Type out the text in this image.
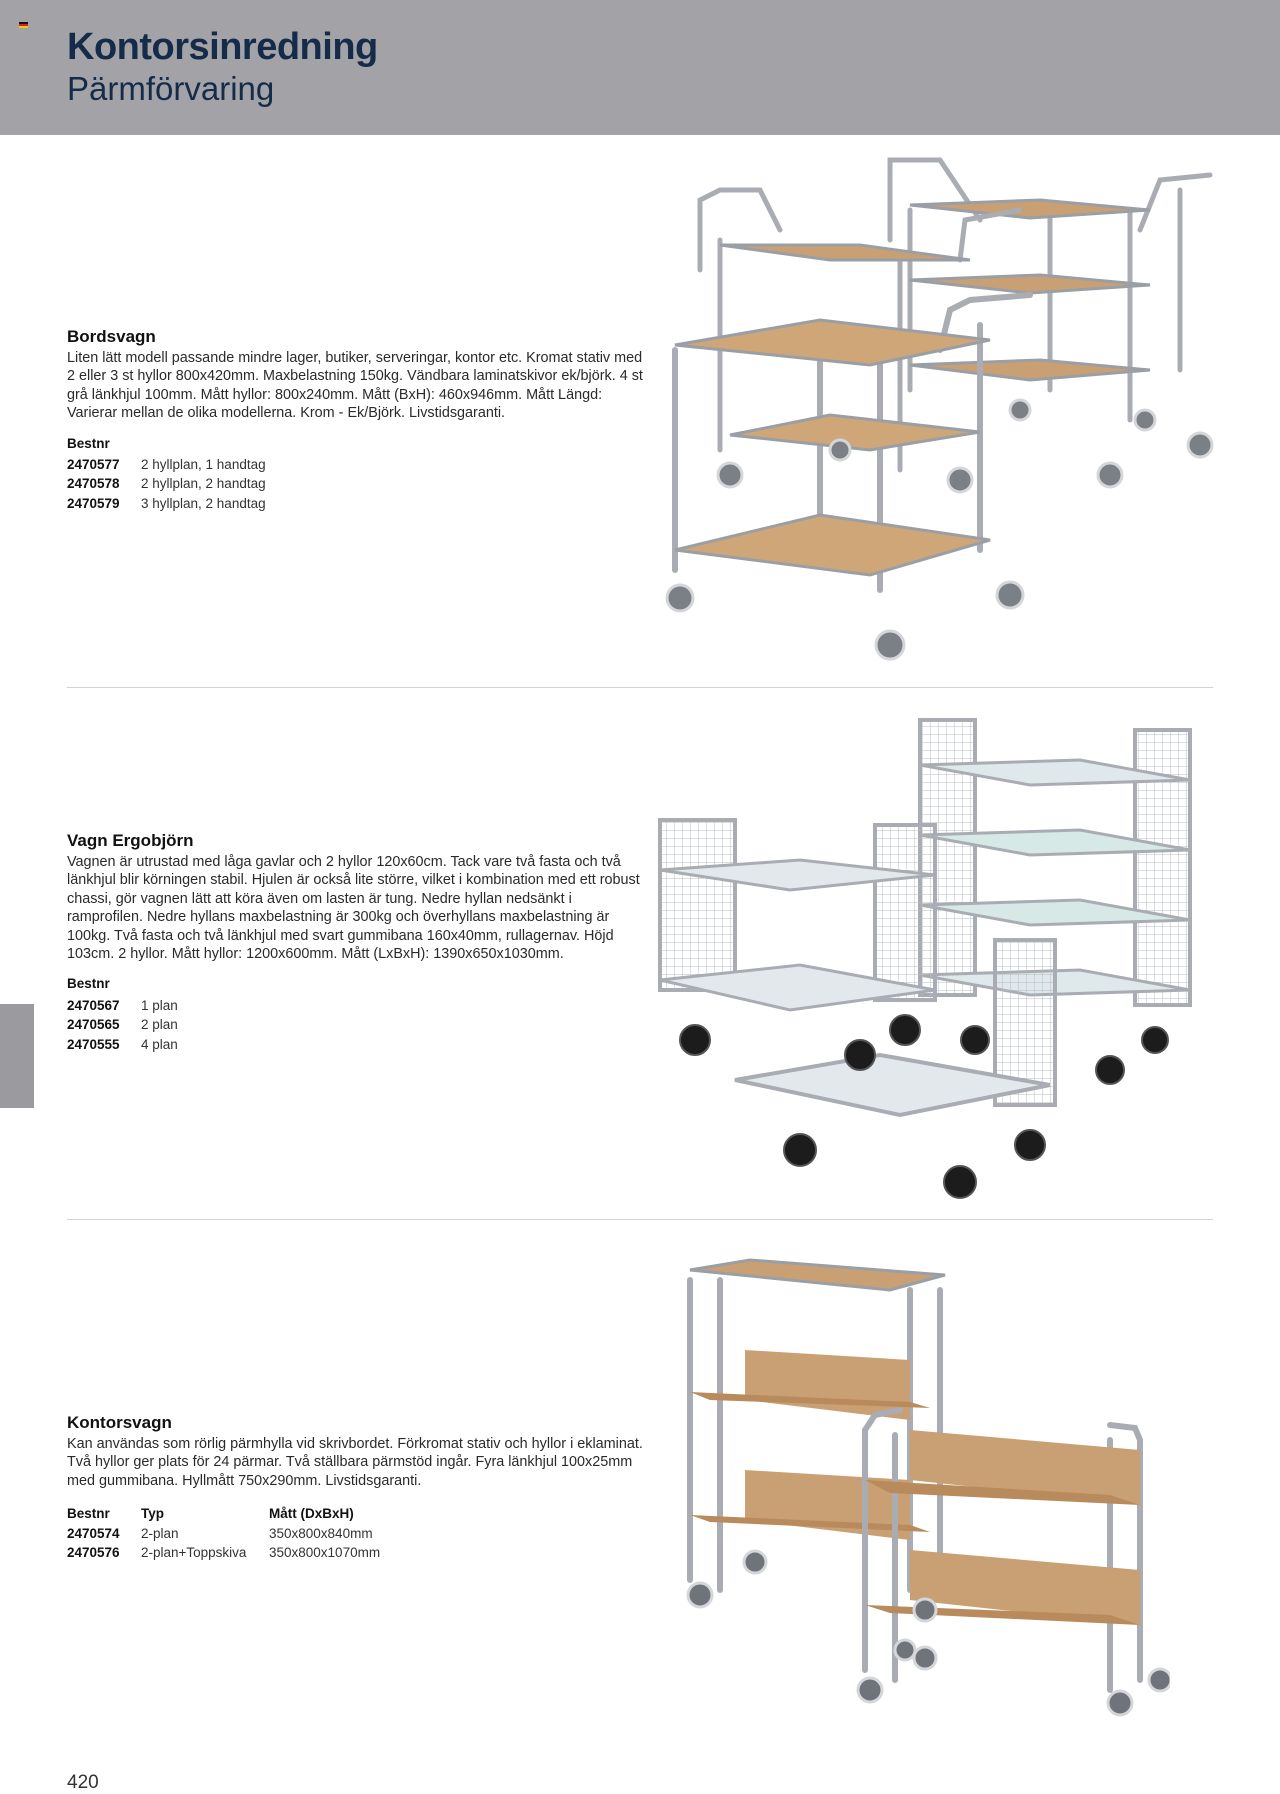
Kontorsinredning
Pärmförvaring
Bordsvagn

Liten lätt modell passande mindre lager, butiker, serveringar, kontor etc. Kromat stativ med 2 eller 3 st hyllor 800x420mm. Maxbelastning 150kg. Vändbara laminatskivor ek/björk. 4 st grå länkhjul 100mm. Mått hyllor: 800x240mm. Mått (BxH): 460x946mm. Mått Längd: Varierar mellan de olika modellerna. Krom - Ek/Björk. Livstidsgaranti.

Bestnr
2470577	2 hyllplan, 1 handtag
2470578	2 hyllplan, 2 handtag
2470579	3 hyllplan, 2 handtag
Vagn Ergobjörn

Vagnen är utrustad med låga gavlar och 2 hyllor 120x60cm. Tack vare två fasta och två länkhjul blir körningen stabil. Hjulen är också lite större, vilket i kombination med ett robust chassi, gör vagnen lätt att köra även om lasten är tung. Nedre hyllan nedsänkt i ramprofilen. Nedre hyllans maxbelastning är 300kg och överhyllans maxbelastning är 100kg. Två fasta och två länkhjul med svart gummibana 160x40mm, rullagernav. Höjd 103cm. 2 hyllor. Mått hyllor: 1200x600mm. Mått (LxBxH): 1390x650x1030mm.

Bestnr
2470567	1 plan
2470565	2 plan
2470555	4 plan
Kontorsvagn

Kan användas som rörlig pärmhylla vid skrivbordet. Förkromat stativ och hyllor i eklaminat. Två hyllor ger plats för 24 pärmar. Två ställbara pärmstöd ingår. Fyra länkhjul 100x25mm med gummibana. Hyllmått 750x290mm. Livstidsgaranti.

Bestnr	Typ	Mått (DxBxH)
2470574	2-plan	350x800x840mm
2470576	2-plan+Toppskiva	350x800x1070mm
420
